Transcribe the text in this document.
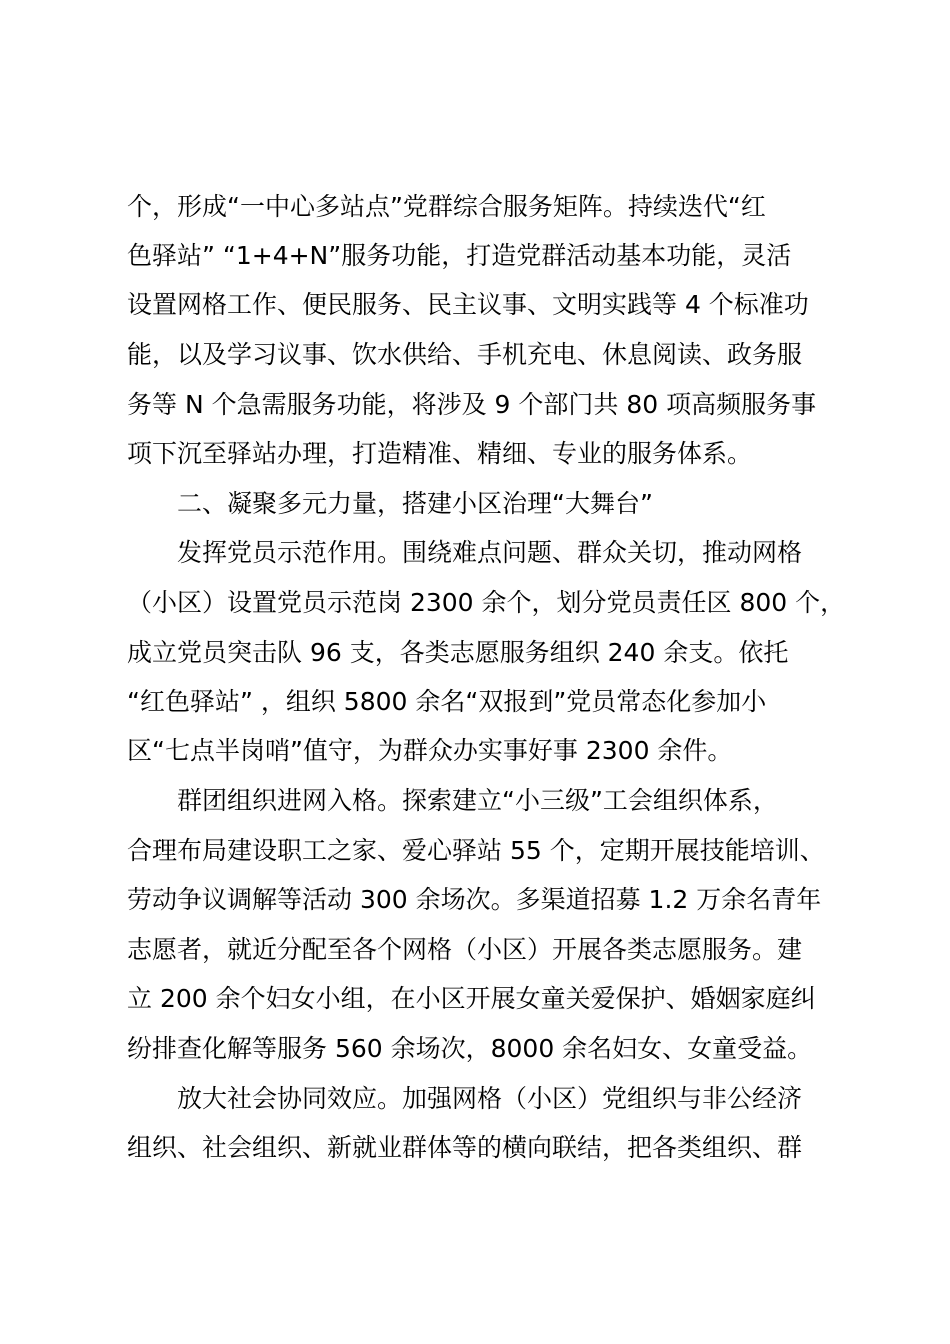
个，形成“一中心多站点”党群综合服务矩阵。持续迭代“红
色驿站” “1+4+N”服务功能，打造党群活动基本功能，灵活
设置网格工作、便民服务、民主议事、文明实践等 4 个标准功
能，以及学习议事、饮水供给、手机充电、休息阅读、政务服
务等 N 个急需服务功能，将涉及 9 个部门共 80 项高频服务事
项下沉至驿站办理，打造精准、精细、专业的服务体系。
二、凝聚多元力量，搭建小区治理“大舞台”
发挥党员示范作用。围绕难点问题、群众关切，推动网格
（小区）设置党员示范岗 2300 余个，划分党员责任区 800 个，
成立党员突击队 96 支，各类志愿服务组织 240 余支。依托
“红色驿站” ，组织 5800 余名“双报到”党员常态化参加小
区“七点半岗哨”值守，为群众办实事好事 2300 余件。
群团组织进网入格。探索建立“小三级”工会组织体系，
合理布局建设职工之家、爱心驿站 55 个，定期开展技能培训、
劳动争议调解等活动 300 余场次。多渠道招募 1.2 万余名青年
志愿者，就近分配至各个网格（小区）开展各类志愿服务。建
立 200 余个妇女小组，在小区开展女童关爱保护、婚姻家庭纠
纷排查化解等服务 560 余场次，8000 余名妇女、女童受益。
放大社会协同效应。加强网格（小区）党组织与非公经济
组织、社会组织、新就业群体等的横向联结，把各类组织、群
